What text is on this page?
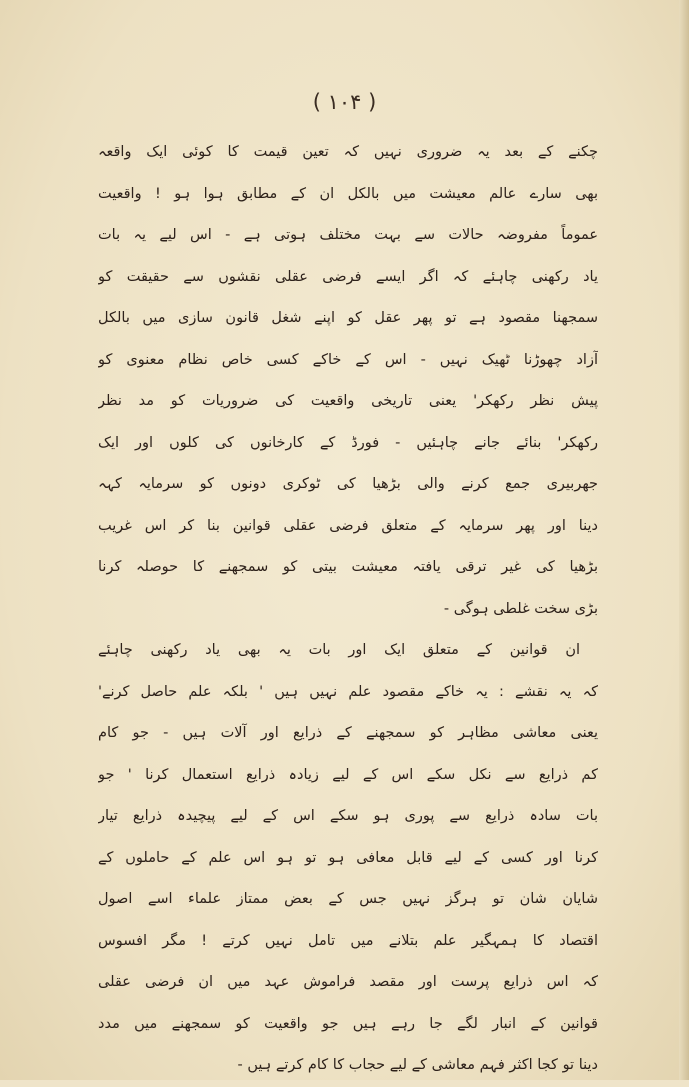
( ۱۰۴ )
چکنے کے بعد یہ ضروری نہیں کہ تعین قیمت کا کوئی ایک واقعہ
بھی سارے عالم معیشت میں بالکل ان کے مطابق ہوا ہو ! واقعیت
عموماً مفروضہ حالات سے بہت مختلف ہوتی ہے - اس لیے یہ بات
یاد رکھنی چاہئے کہ اگر ایسے فرضی عقلی نقشوں سے حقیقت کو
سمجھنا مقصود ہے تو پھر عقل کو اپنے شغل قانون سازی میں بالکل
آزاد چھوڑنا ٹھیک نہیں - اس کے خاکے کسی خاص نظام معنوی کو
پیش نظر رکھکر' یعنی تاریخی واقعیت کی ضروریات کو مد نظر
رکھکر' بنائے جانے چاہئیں - فورڈ کے کارخانوں کی کلوں اور ایک
جھربیری جمع کرنے والی بڑھیا کی ٹوکری دونوں کو سرمایہ کہہ
دینا اور پھر سرمایہ کے متعلق فرضی عقلی قوانین بنا کر اس غریب
بڑھیا کی غیر ترقی یافتہ معیشت بیتی کو سمجھنے کا حوصلہ کرنا
بڑی سخت غلطی ہوگی -
ان قوانین کے متعلق ایک اور بات یہ بھی یاد رکھنی چاہئے
کہ یہ نقشے : یہ خاکے مقصود علم نہیں ہیں ' بلکہ علم حاصل کرنے'
یعنی معاشی مظاہر کو سمجھنے کے ذرایع اور آلات ہیں - جو کام
کم ذرایع سے نکل سکے اس کے لیے زیادہ ذرایع استعمال کرنا ' جو
بات سادہ ذرایع سے پوری ہو سکے اس کے لیے پیچیدہ ذرایع تیار
کرنا اور کسی کے لیے قابل معافی ہو تو ہو اس علم کے حاملوں کے
شایان شان تو ہرگز نہیں جس کے بعض ممتاز علماء اسے اصول
اقتصاد کا ہمہگیر علم بتلانے میں تامل نہیں کرتے ! مگر افسوس
کہ اس ذرایع پرست اور مقصد فراموش عہد میں ان فرضی عقلی
قوانین کے انبار لگے جا رہے ہیں جو واقعیت کو سمجھنے میں مدد
دینا تو کجا اکثر فہم معاشی کے لیے حجاب کا کام کرتے ہیں -
